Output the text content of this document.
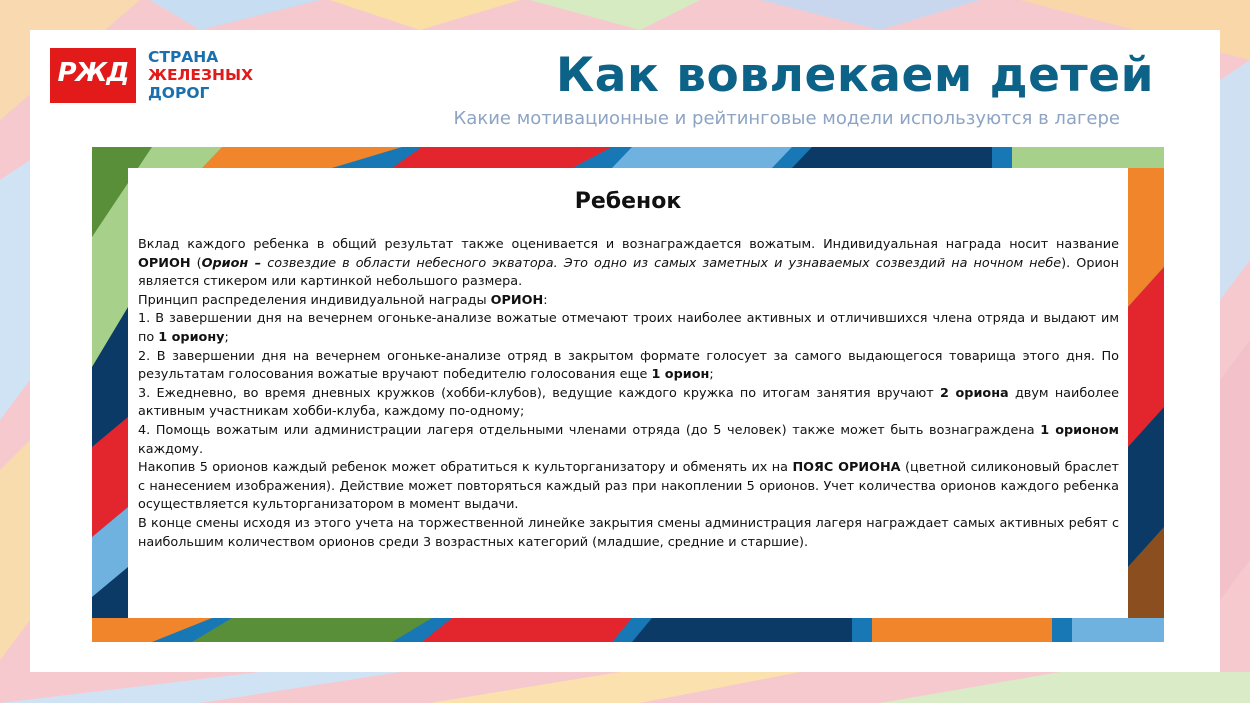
РЖД
СТРАНА
ЖЕЛЕЗНЫХ
ДОРОГ	Как вовлекаем детей
Какие мотивационные и рейтинговые модели используются в лагере
Ребенок

Вклад каждого ребенка в общий результат также оценивается и вознаграждается вожатым. Индивидуальная награда носит название ОРИОН (Орион – созвездие в области небесного экватора. Это одно из самых заметных и узнаваемых созвездий на ночном небе). Орион является стикером или картинкой небольшого размера.

Принцип распределения индивидуальной награды ОРИОН:

1. В завершении дня на вечернем огоньке-анализе вожатые отмечают троих наиболее активных и отличившихся члена отряда и выдают им по 1 ориону;

2. В завершении дня на вечернем огоньке-анализе отряд в закрытом формате голосует за самого выдающегося товарища этого дня. По результатам голосования вожатые вручают победителю голосования еще 1 орион;

3. Ежедневно, во время дневных кружков (хобби-клубов), ведущие каждого кружка по итогам занятия вручают 2 ориона двум наиболее активным участникам хобби-клуба, каждому по-одному;

4. Помощь вожатым или администрации лагеря отдельными членами отряда (до 5 человек) также может быть вознаграждена 1 орионом каждому.

Накопив 5 орионов каждый ребенок может обратиться к культорганизатору и обменять их на ПОЯС ОРИОНА (цветной силиконовый браслет с нанесением изображения). Действие может повторяться каждый раз при накоплении 5 орионов. Учет количества орионов каждого ребенка осуществляется культорганизатором в момент выдачи.

В конце смены исходя из этого учета на торжественной линейке закрытия смены администрация лагеря награждает самых активных ребят с наибольшим количеством орионов среди 3 возрастных категорий (младшие, средние и старшие).
